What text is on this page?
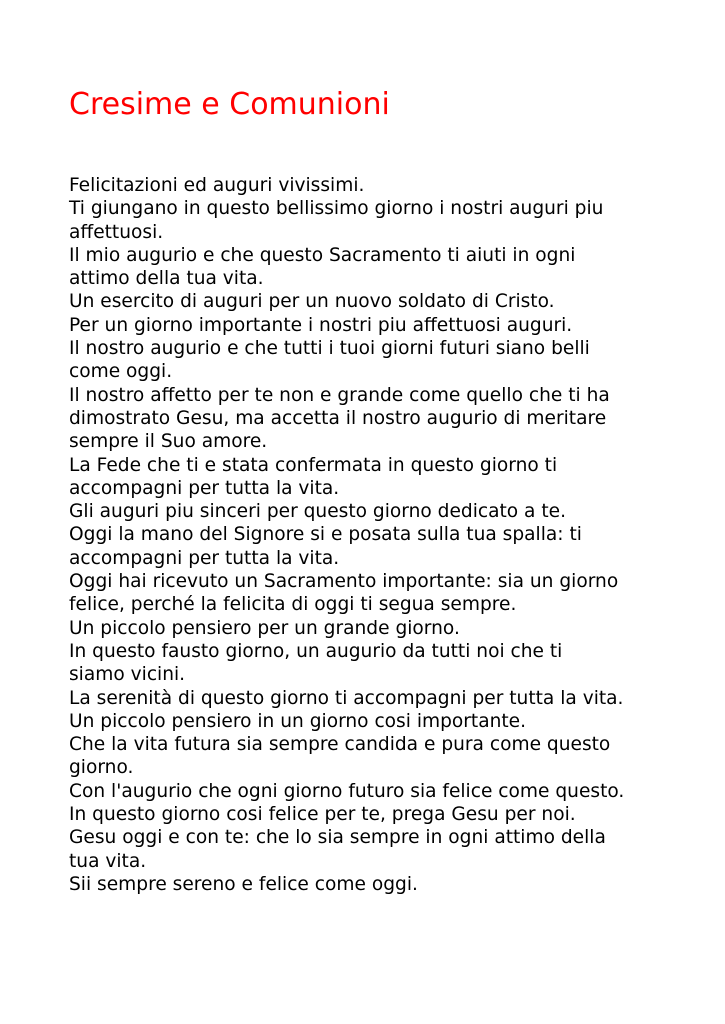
Cresime e Comunioni
Felicitazioni ed auguri vivissimi.
Ti giungano in questo bellissimo giorno i nostri auguri piu
affettuosi.
Il mio augurio e che questo Sacramento ti aiuti in ogni
attimo della tua vita.
Un esercito di auguri per un nuovo soldato di Cristo.
Per un giorno importante i nostri piu affettuosi auguri.
Il nostro augurio e che tutti i tuoi giorni futuri siano belli
come oggi.
Il nostro affetto per te non e grande come quello che ti ha
dimostrato Gesu, ma accetta il nostro augurio di meritare
sempre il Suo amore.
La Fede che ti e stata confermata in questo giorno ti
accompagni per tutta la vita.
Gli auguri piu sinceri per questo giorno dedicato a te.
Oggi la mano del Signore si e posata sulla tua spalla: ti
accompagni per tutta la vita.
Oggi hai ricevuto un Sacramento importante: sia un giorno
felice, perché la felicita di oggi ti segua sempre.
Un piccolo pensiero per un grande giorno.
In questo fausto giorno, un augurio da tutti noi che ti
siamo vicini.
La serenità di questo giorno ti accompagni per tutta la vita.
Un piccolo pensiero in un giorno cosi importante.
Che la vita futura sia sempre candida e pura come questo
giorno.
Con l'augurio che ogni giorno futuro sia felice come questo.
In questo giorno cosi felice per te, prega Gesu per noi.
Gesu oggi e con te: che lo sia sempre in ogni attimo della
tua vita.
Sii sempre sereno e felice come oggi.
